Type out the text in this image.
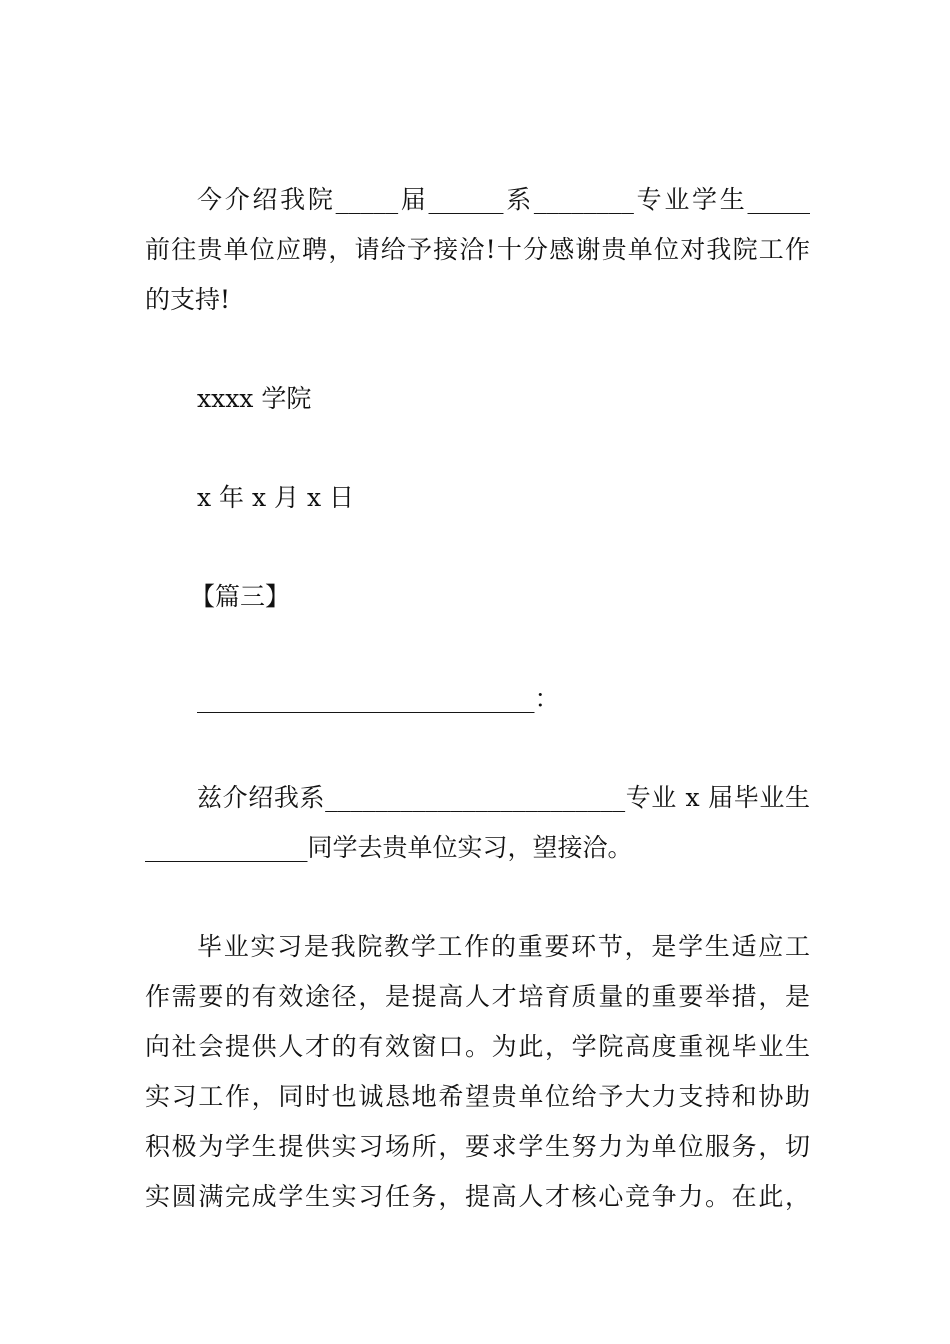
今介绍我院_____届______系________专业学生_____
前往贵单位应聘，请给予接洽!十分感谢贵单位对我院工作
的支持!
xxxx 学院
x 年 x 月 x 日
【篇三】
___________________________：
兹介绍我系________________________专业 x 届毕业生
_____________同学去贵单位实习，望接洽。
毕业实习是我院教学工作的重要环节，是学生适应工
作需要的有效途径，是提高人才培育质量的重要举措，是
向社会提供人才的有效窗口。为此，学院高度重视毕业生
实习工作，同时也诚恳地希望贵单位给予大力支持和协助
积极为学生提供实习场所，要求学生努力为单位服务，切
实圆满完成学生实习任务，提高人才核心竞争力。在此，
